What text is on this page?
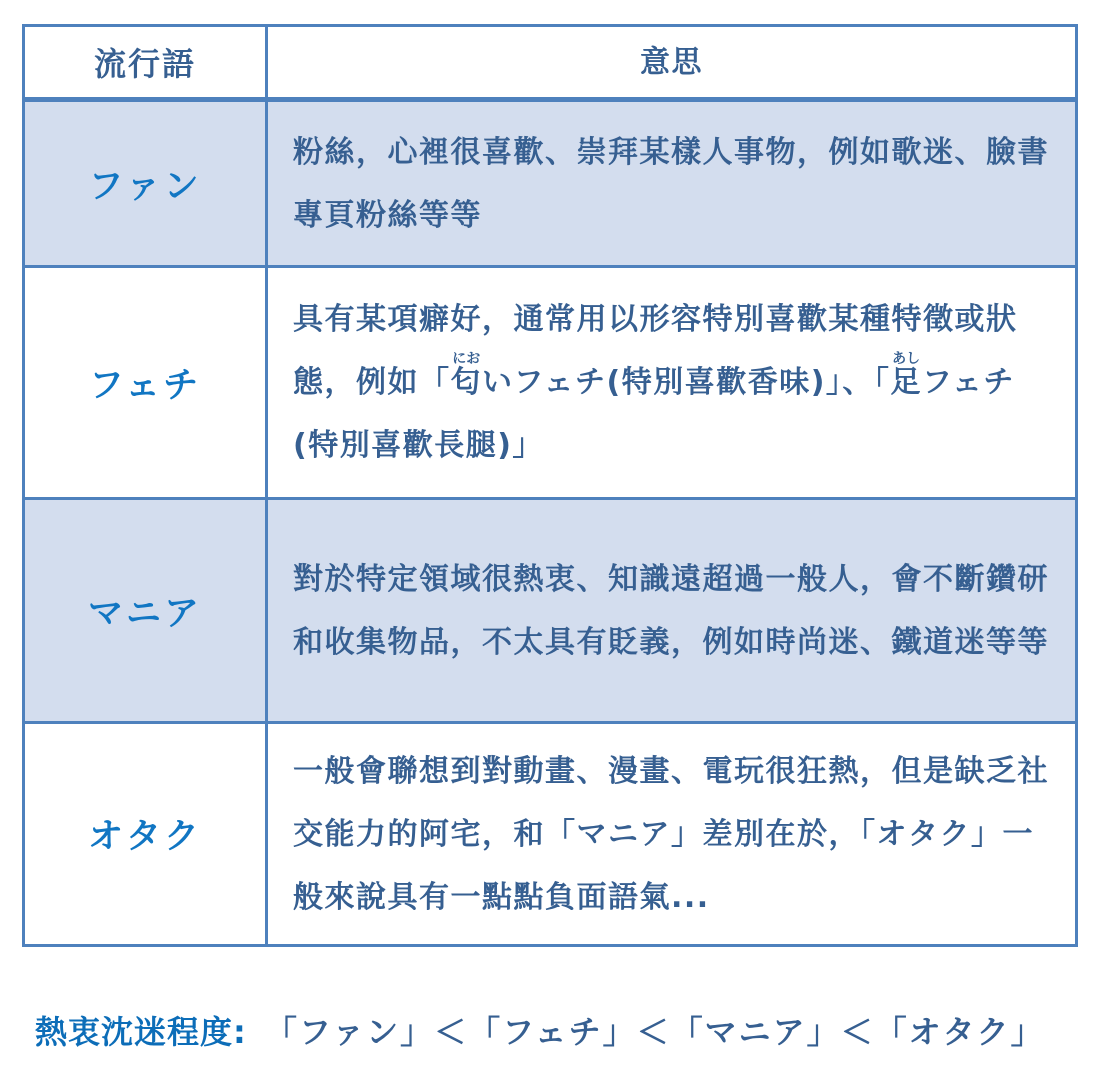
流行語	意思
ファン
粉絲，心裡很喜歡、崇拜某樣人事物，例如歌迷、臉書專頁粉絲等等
フェチ
具有某項癖好，通常用以形容特別喜歡某種特徵或狀態，例如「匂においフェチ(特別喜歡香味)」、「足あしフェチ(特別喜歡長腿)」
マニア
對於特定領域很熱衷、知識遠超過一般人，會不斷鑽研和收集物品，不太具有貶義，例如時尚迷、鐵道迷等等
オタク
一般會聯想到對動畫、漫畫、電玩很狂熱，但是缺乏社交能力的阿宅，和「マニア」差別在於，「オタク」一般來說具有一點點負面語氣...
熱衷沈迷程度: 「ファン」＜「フェチ」＜「マニア」＜「オタク」
